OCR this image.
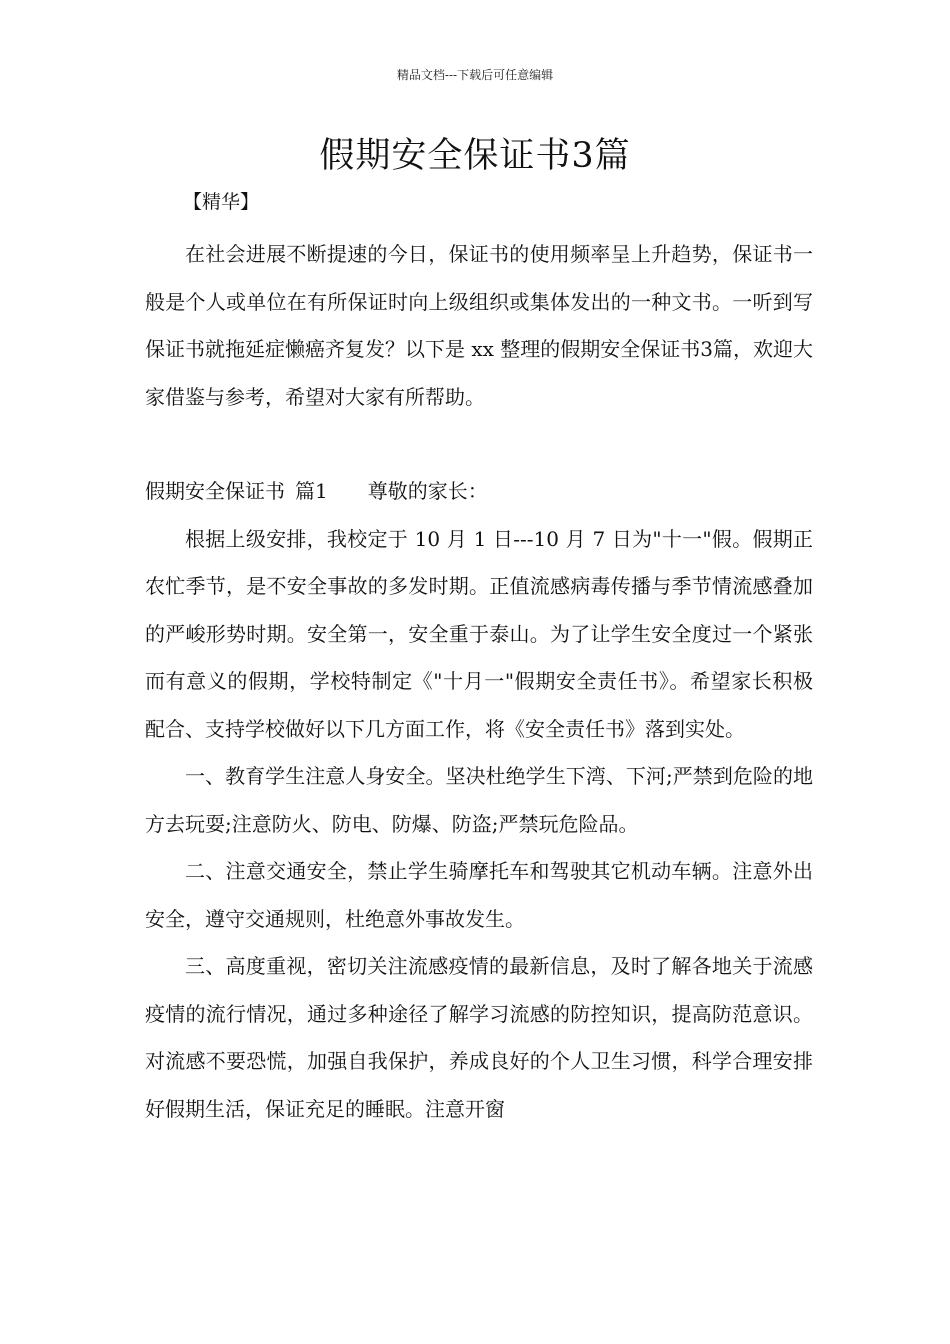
精品文档---下载后可任意编辑
假期安全保证书3篇
【精华】

在社会进展不断提速的今日，保证书的使用频率呈上升趋势，保证书一般是个人或单位在有所保证时向上级组织或集体发出的一种文书。一听到写保证书就拖延症懒癌齐复发？以下是 xx 整理的假期安全保证书3篇，欢迎大家借鉴与参考，希望对大家有所帮助。

假期安全保证书 篇1 尊敬的家长：

根据上级安排，我校定于 10 月 1 日---10 月 7 日为"十一"假。假期正农忙季节，是不安全事故的多发时期。正值流感病毒传播与季节情流感叠加的严峻形势时期。安全第一，安全重于泰山。为了让学生安全度过一个紧张而有意义的假期，学校特制定《"十月一"假期安全责任书》。希望家长积极配合、支持学校做好以下几方面工作，将《安全责任书》落到实处。

一、教育学生注意人身安全。坚决杜绝学生下湾、下河;严禁到危险的地方去玩耍;注意防火、防电、防爆、防盗;严禁玩危险品。

二、注意交通安全，禁止学生骑摩托车和驾驶其它机动车辆。注意外出安全，遵守交通规则，杜绝意外事故发生。

三、高度重视，密切关注流感疫情的最新信息，及时了解各地关于流感疫情的流行情况，通过多种途径了解学习流感的防控知识，提高防范意识。对流感不要恐慌，加强自我保护，养成良好的个人卫生习惯，科学合理安排好假期生活，保证充足的睡眠。注意开窗
